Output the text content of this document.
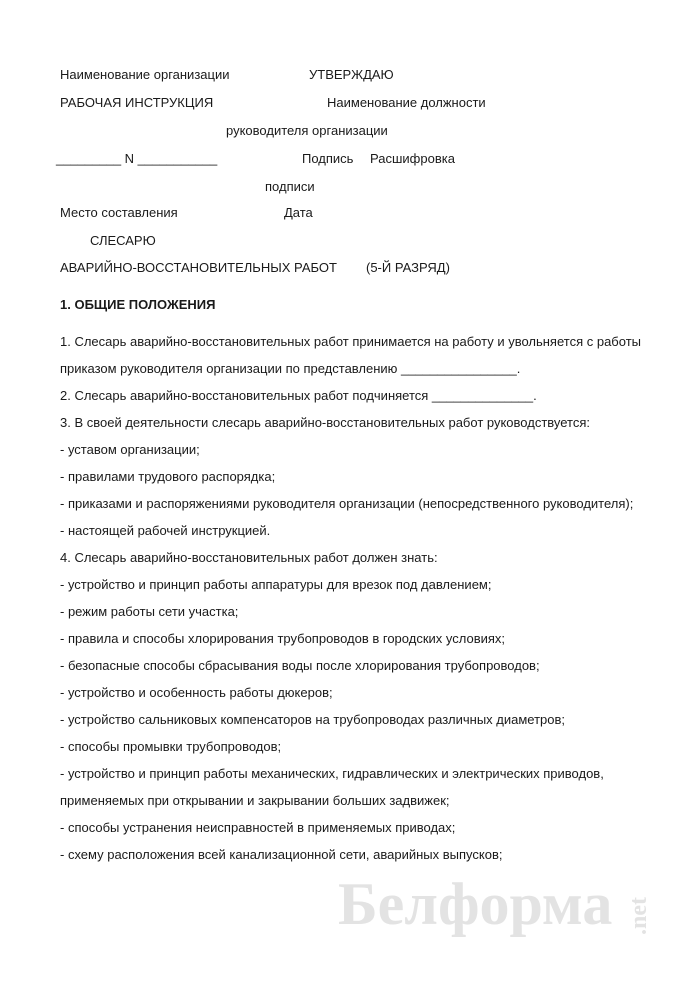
Наименование организации	УТВЕРЖДАЮ
РАБОЧАЯ ИНСТРУКЦИЯ	Наименование должности
руководителя организации
_________ N ___________	Подпись Расшифровка
подписи
Место составления	Дата
СЛЕСАРЮ
АВАРИЙНО-ВОССТАНОВИТЕЛЬНЫХ РАБОТ (5-Й РАЗРЯД)
1. ОБЩИЕ ПОЛОЖЕНИЯ
1. Слесарь аварийно-восстановительных работ принимается на работу и увольняется с работы
приказом руководителя организации по представлению ________________.
2. Слесарь аварийно-восстановительных работ подчиняется ______________.
3. В своей деятельности слесарь аварийно-восстановительных работ руководствуется:
- уставом организации;
- правилами трудового распорядка;
- приказами и распоряжениями руководителя организации (непосредственного руководителя);
- настоящей рабочей инструкцией.
4. Слесарь аварийно-восстановительных работ должен знать:
- устройство и принцип работы аппаратуры для врезок под давлением;
- режим работы сети участка;
- правила и способы хлорирования трубопроводов в городских условиях;
- безопасные способы сбрасывания воды после хлорирования трубопроводов;
- устройство и особенность работы дюкеров;
- устройство сальниковых компенсаторов на трубопроводах различных диаметров;
- способы промывки трубопроводов;
- устройство и принцип работы механических, гидравлических и электрических приводов,
применяемых при открывании и закрывании больших задвижек;
- способы устранения неисправностей в применяемых приводах;
- схему расположения всей канализационной сети, аварийных выпусков;
Белформа .net
